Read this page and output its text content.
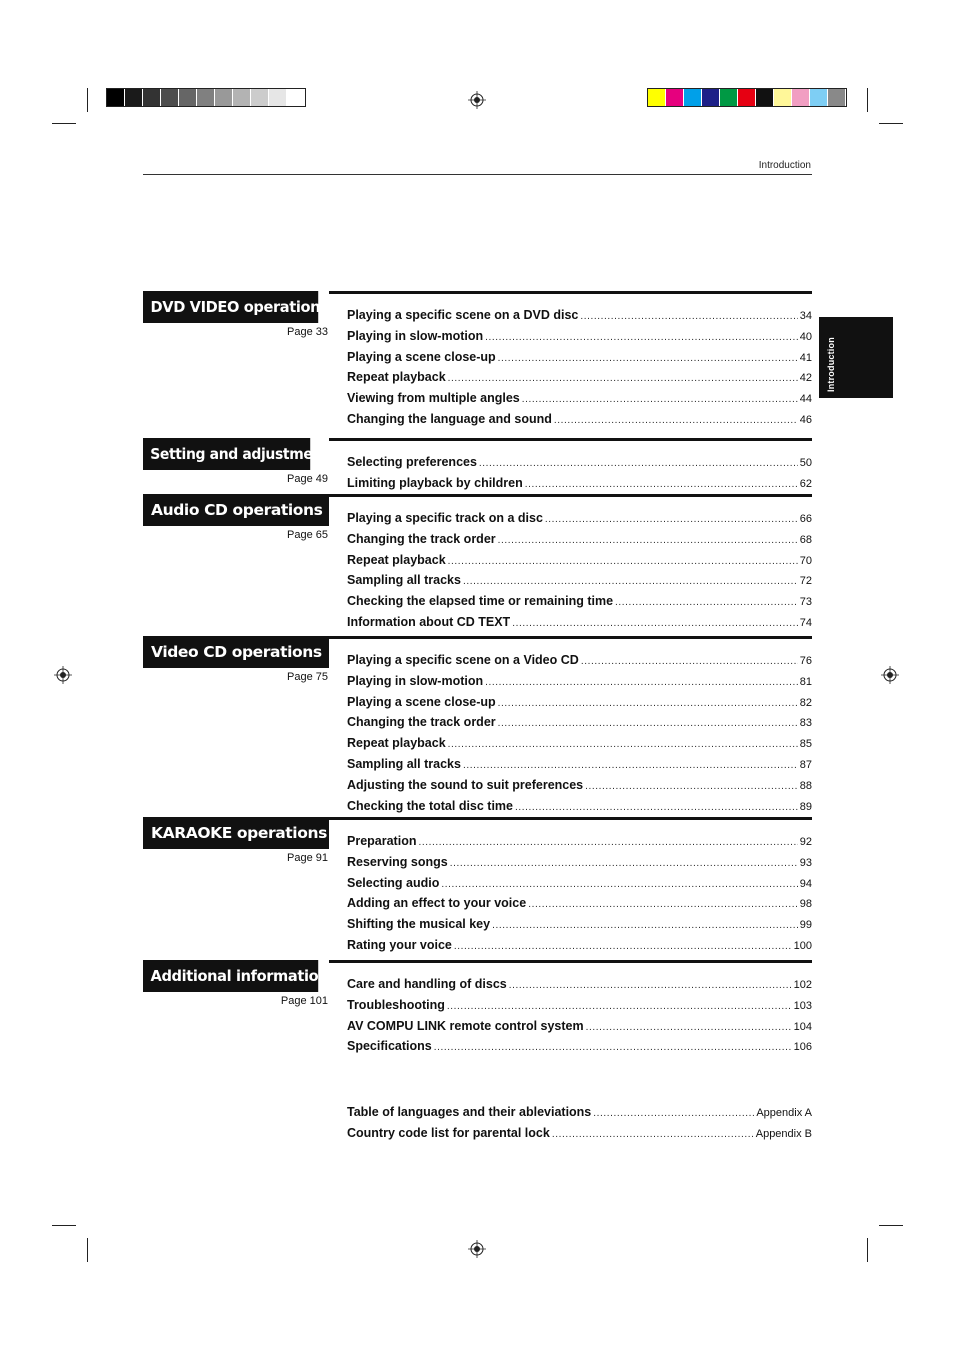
Introduction
Introduction
DVD VIDEO operations
Page 33
Playing a specific scene on a DVD disc .....	34
Playing in slow-motion .....	40
Playing a scene close-up .....	41
Repeat playback .....	42
Viewing from multiple angles .....	44
Changing the language and sound .....	46
Setting and adjustment
Page 49
Selecting preferences .....	50
Limiting playback by children .....	62
Audio CD operations
Page 65
Playing a specific track on a disc .....	66
Changing the track order .....	68
Repeat playback .....	70
Sampling all tracks .....	72
Checking the elapsed time or remaining time .....	73
Information about CD TEXT .....	74
Video CD operations
Page 75
Playing a specific scene on a Video CD .....	76
Playing in slow-motion .....	81
Playing a scene close-up .....	82
Changing the track order .....	83
Repeat playback .....	85
Sampling all tracks .....	87
Adjusting the sound to suit preferences .....	88
Checking the total disc time .....	89
KARAOKE operations
Page 91
Preparation .....	92
Reserving songs .....	93
Selecting audio .....	94
Adding an effect to your voice .....	98
Shifting the musical key .....	99
Rating your voice .....	100
Additional information
Page 101
Care and handling of discs .....	102
Troubleshooting .....	103
AV COMPU LINK remote control system .....	104
Specifications .....	106
Table of languages and their ableviations .....	Appendix A
Country code list for parental lock .....	Appendix B
